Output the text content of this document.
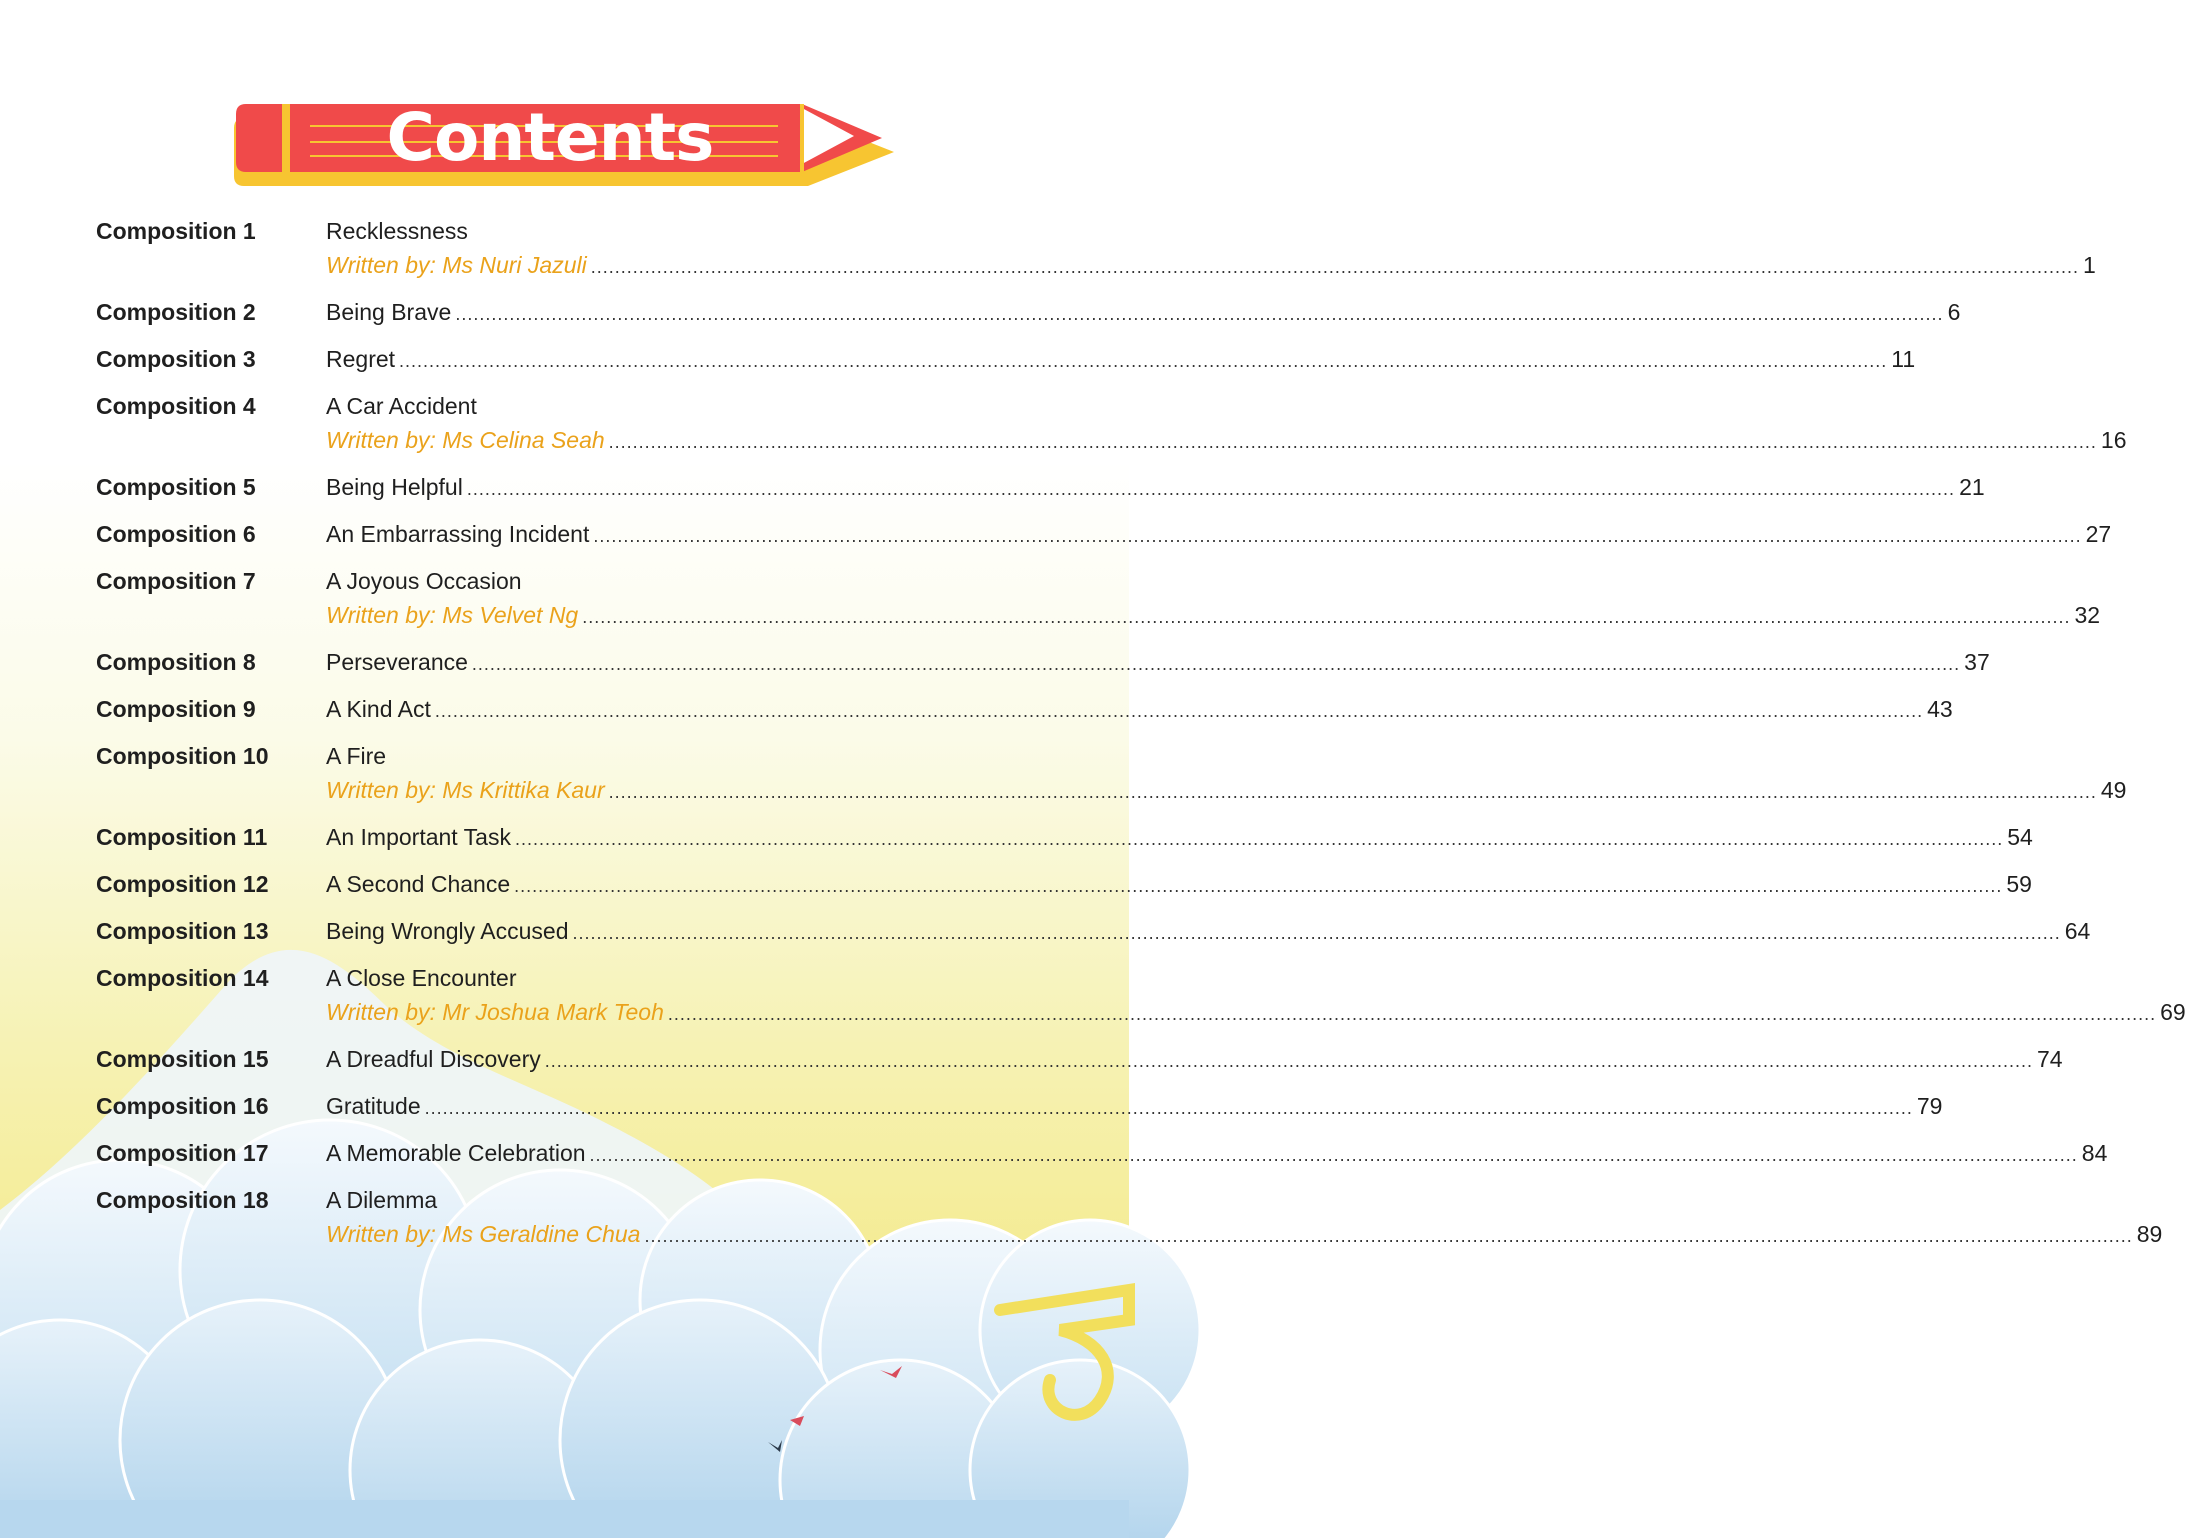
Contents
Composition 1	Recklessness
Written by: Ms Nuri Jazuli .....	1
Composition 2	Being Brave .....	6
Composition 3	Regret .....	11
Composition 4	A Car Accident
Written by: Ms Celina Seah .....	16
Composition 5	Being Helpful .....	21
Composition 6	An Embarrassing Incident .....	27
Composition 7	A Joyous Occasion
Written by: Ms Velvet Ng .....	32
Composition 8	Perseverance .....	37
Composition 9	A Kind Act .....	43
Composition 10	A Fire
Written by: Ms Krittika Kaur .....	49
Composition 11	An Important Task .....	54
Composition 12	A Second Chance .....	59
Composition 13	Being Wrongly Accused .....	64
Composition 14	A Close Encounter
Written by: Mr Joshua Mark Teoh .....	69
Composition 15	A Dreadful Discovery .....	74
Composition 16	Gratitude .....	79
Composition 17	A Memorable Celebration .....	84
Composition 18	A Dilemma
Written by: Ms Geraldine Chua .....	89
